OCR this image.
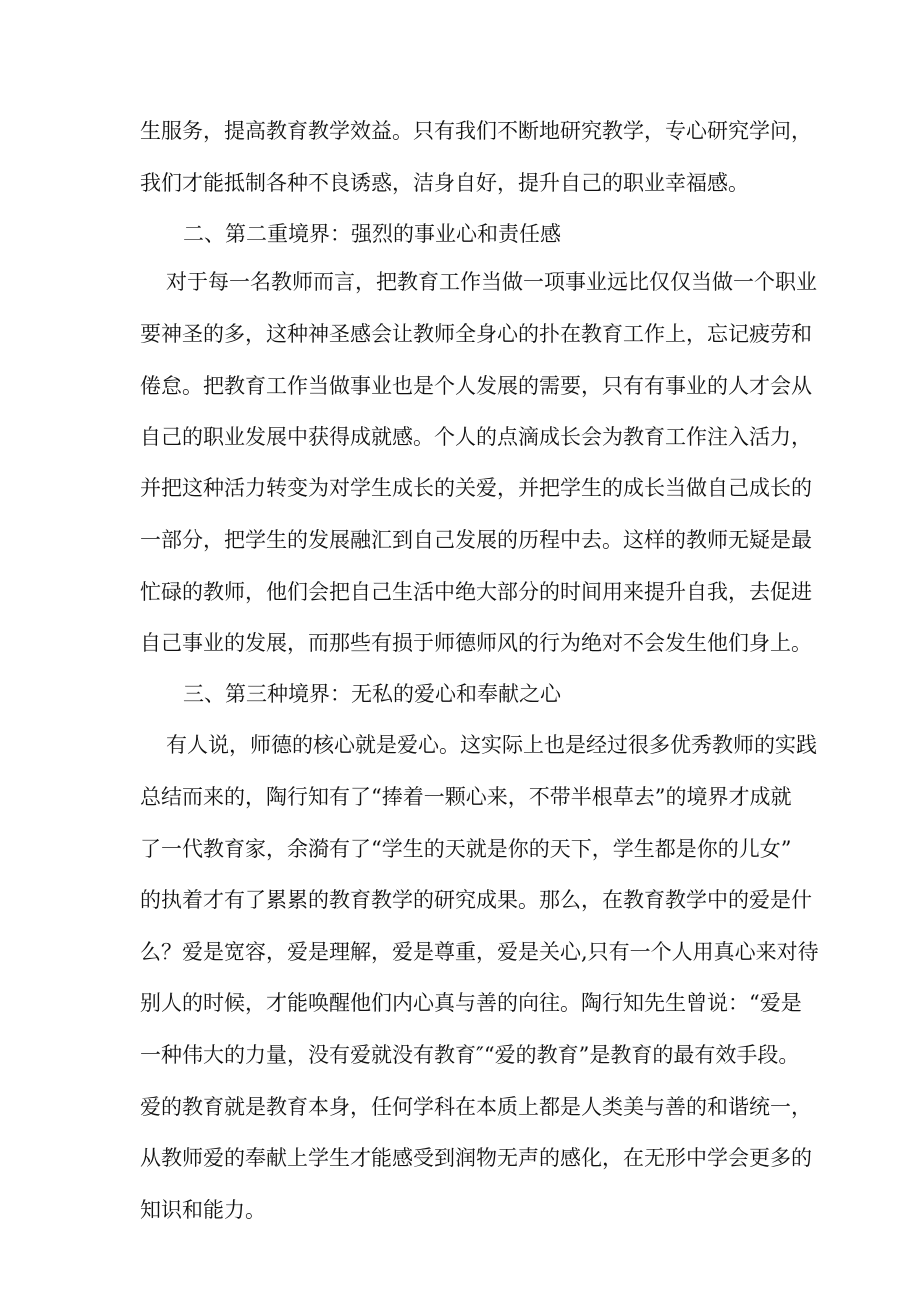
生服务，提高教育教学效益。只有我们不断地研究教学，专心研究学问，
我们才能抵制各种不良诱惑，洁身自好，提升自己的职业幸福感。
二、第二重境界：强烈的事业心和责任感
对于每一名教师而言，把教育工作当做一项事业远比仅仅当做一个职业
要神圣的多，这种神圣感会让教师全身心的扑在教育工作上，忘记疲劳和
倦怠。把教育工作当做事业也是个人发展的需要，只有有事业的人才会从
自己的职业发展中获得成就感。个人的点滴成长会为教育工作注入活力，
并把这种活力转变为对学生成长的关爱，并把学生的成长当做自己成长的
一部分，把学生的发展融汇到自己发展的历程中去。这样的教师无疑是最
忙碌的教师，他们会把自己生活中绝大部分的时间用来提升自我，去促进
自己事业的发展，而那些有损于师德师风的行为绝对不会发生他们身上。
三、第三种境界：无私的爱心和奉献之心
有人说，师德的核心就是爱心。这实际上也是经过很多优秀教师的实践
总结而来的，陶行知有了“捧着一颗心来，不带半根草去”的境界才成就
了一代教育家，余漪有了“学生的天就是你的天下，学生都是你的儿女”
的执着才有了累累的教育教学的研究成果。那么，在教育教学中的爱是什
么？爱是宽容，爱是理解，爱是尊重，爱是关心,只有一个人用真心来对待
别人的时候，才能唤醒他们内心真与善的向往。陶行知先生曾说：“爱是
一种伟大的力量，没有爱就没有教育″“爱的教育”是教育的最有效手段。
爱的教育就是教育本身，任何学科在本质上都是人类美与善的和谐统一，
从教师爱的奉献上学生才能感受到润物无声的感化，在无形中学会更多的
知识和能力。
